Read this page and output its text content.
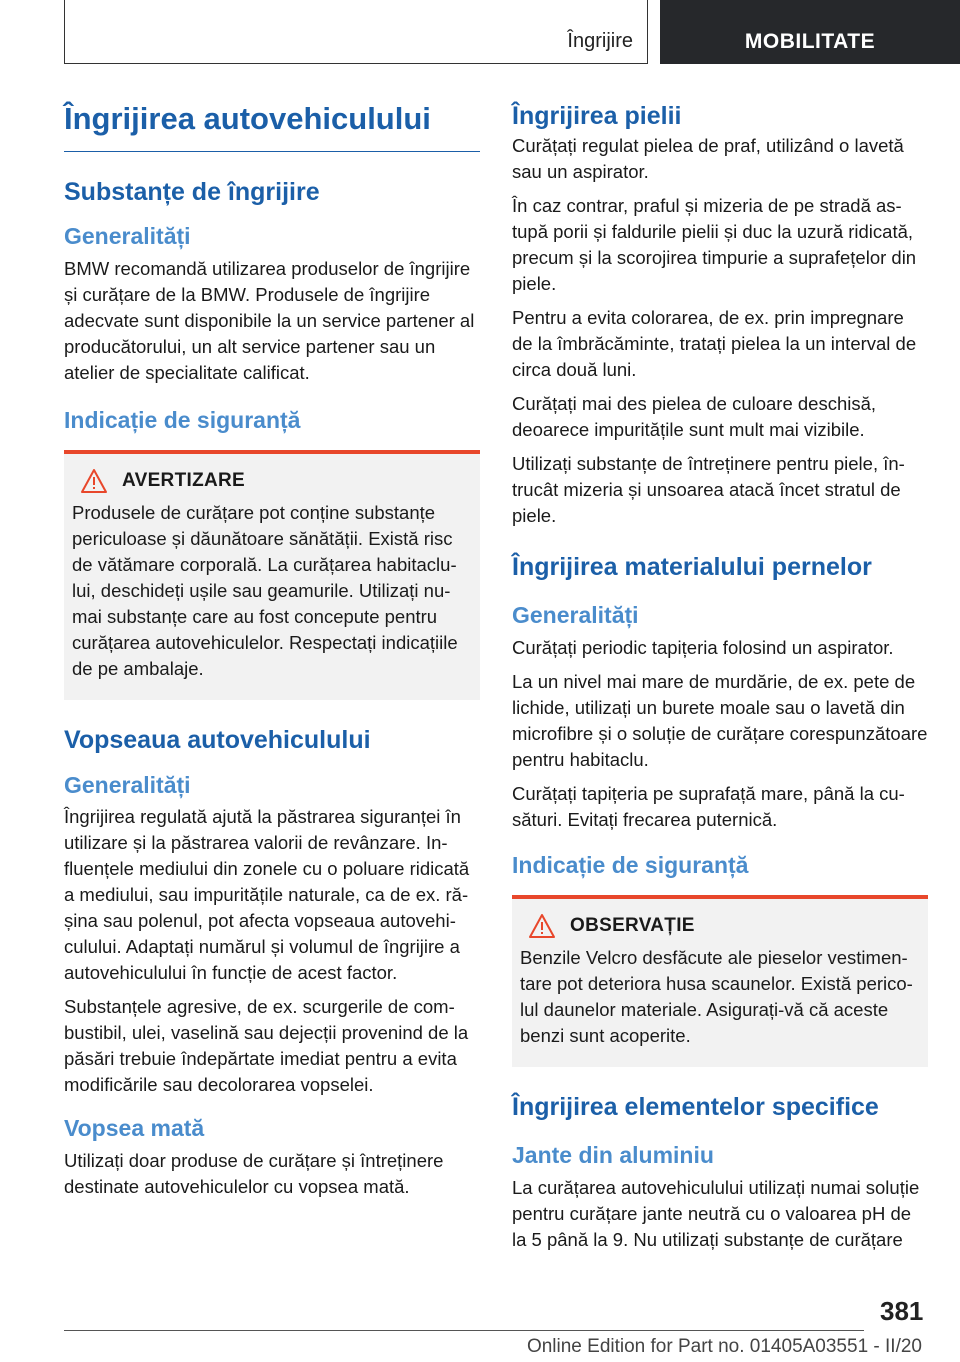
Îngrijire	MOBILITATE
Îngrijirea autovehiculului
Substanțe de îngrijire
Generalități

BMW recomandă utilizarea produselor de îngrijire și curățare de la BMW. Produsele de îngrijire adecvate sunt disponibile la un service partener al producătorului, un alt service partener sau un atelier de specialitate calificat.

Indicație de siguranță
AVERTIZARE

Produsele de curățare pot conține substanțe periculoase și dăunătoare sănătății. Există risc de vătămare corporală. La curățarea habitaclului, deschideți ușile sau geamurile. Utilizați numai substanțe care au fost concepute pentru curățarea autovehiculelor. Respectați indicațiile de pe ambalaje.

Vopseaua autovehiculului
Generalități

Îngrijirea regulată ajută la păstrarea siguranței în utilizare și la păstrarea valorii de revânzare. Influențele mediului din zonele cu o poluare ridicată a mediului, sau impuritățile naturale, ca de ex. rășina sau polenul, pot afecta vopseaua autovehiculului. Adaptați numărul și volumul de îngrijire a autovehiculului în funcție de acest factor.

Substanțele agresive, de ex. scurgerile de combustibil, ulei, vaselină sau dejecții provenind de la păsări trebuie îndepărtate imediat pentru a evita modificările sau decolorarea vopselei.

Vopsea mată

Utilizați doar produse de curățare și întreținere destinate autovehiculelor cu vopsea mată.

Îngrijirea pielii

Curățați regulat pielea de praf, utilizând o lavetă sau un aspirator.

În caz contrar, praful și mizeria de pe stradă astupă porii și faldurile pielii și duc la uzură ridicată, precum și la scorojirea timpurie a suprafețelor din piele.

Pentru a evita colorarea, de ex. prin impregnare de la îmbrăcăminte, tratați pielea la un interval de circa două luni.

Curățați mai des pielea de culoare deschisă, deoarece impuritățile sunt mult mai vizibile.

Utilizați substanțe de întreținere pentru piele, întrucât mizeria și unsoarea atacă încet stratul de piele.

Îngrijirea materialului pernelor
Generalități

Curățați periodic tapițeria folosind un aspirator.

La un nivel mai mare de murdărie, de ex. pete de lichide, utilizați un burete moale sau o lavetă din microfibre și o soluție de curățare corespunzătoare pentru habitaclu.

Curățați tapițeria pe suprafață mare, până la cusături. Evitați frecarea puternică.

Indicație de siguranță
OBSERVAȚIE

Benzile Velcro desfăcute ale pieselor vestimentare pot deteriora husa scaunelor. Există pericolul daunelor materiale. Asigurați-vă că aceste benzi sunt acoperite.

Îngrijirea elementelor specifice
Jante din aluminiu

La curățarea autovehiculului utilizați numai soluție pentru curățare jante neutră cu o valoarea pH de la 5 până la 9. Nu utilizați substanțe de curățare

381
Online Edition for Part no. 01405A03551 - II/20
